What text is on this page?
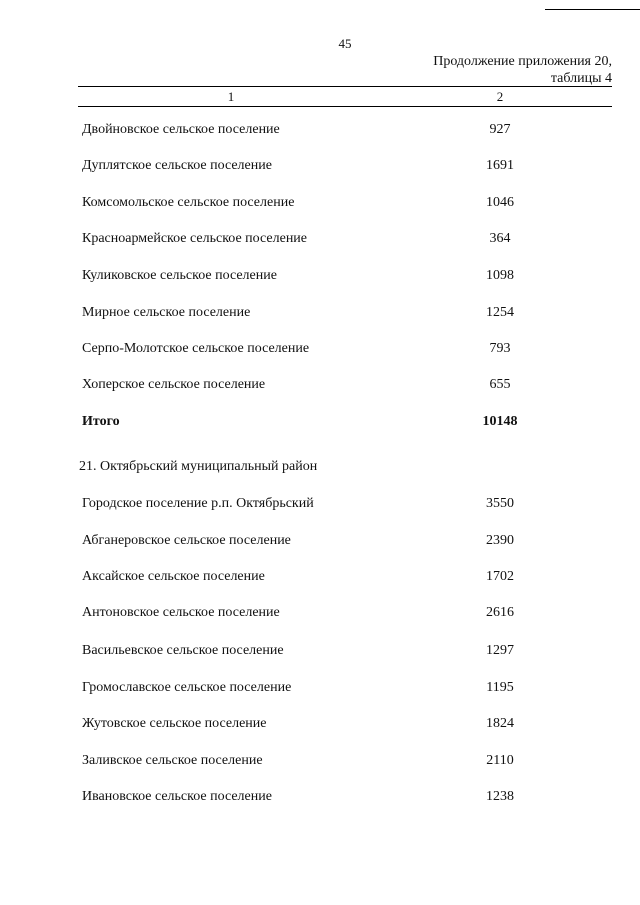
45
Продолжение приложения 20,
таблицы 4
1	2
Двойновское сельское поселение	927
Дуплятское сельское поселение	1691
Комсомольское сельское поселение	1046
Красноармейское сельское поселение	364
Куликовское сельское поселение	1098
Мирное сельское поселение	1254
Серпо-Молотское сельское поселение	793
Хоперское сельское поселение	655
Итого	10148
21. Октябрьский муниципальный район
Городское поселение р.п. Октябрьский	3550
Абганеровское сельское поселение	2390
Аксайское сельское поселение	1702
Антоновское сельское поселение	2616
Васильевское сельское поселение	1297
Громославское сельское поселение	1195
Жутовское сельское поселение	1824
Заливское сельское поселение	2110
Ивановское сельское поселение	1238
